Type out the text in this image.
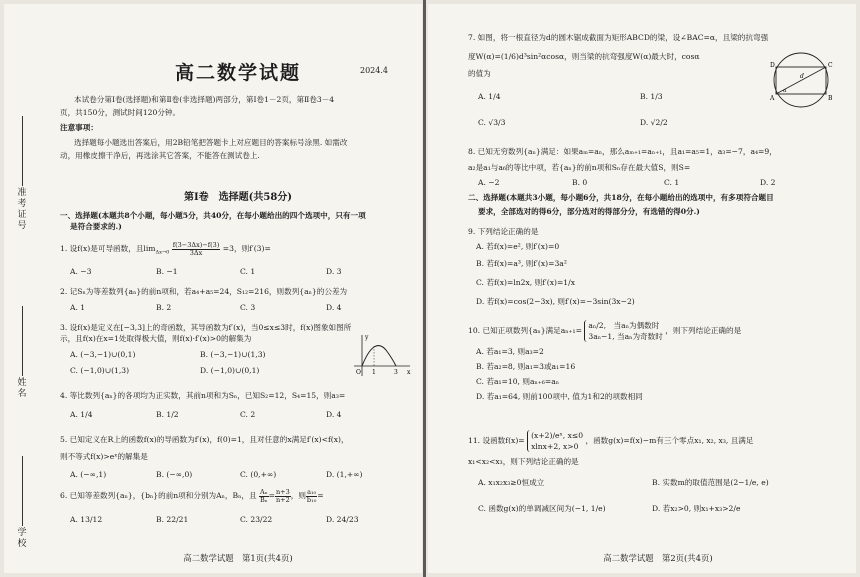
准考证号
姓名
学校
高二数学试题	2024.4

本试卷分第Ⅰ卷(选择题)和第Ⅱ卷(非选择题)两部分，第Ⅰ卷1－2页，第Ⅱ卷3－4

页，共150分，测试时间120分钟。

注意事项：

选择题每小题选出答案后，用2B铅笔把答题卡上对应题目的答案标号涂黑. 如需改

动，用橡皮擦干净后，再选涂其它答案，不能答在测试卷上.

第Ⅰ卷　选择题(共58分)

一、选择题(本题共8个小题，每小题5分，共40分，在每小题给出的四个选项中，只有一项

是符合要求的.)

1. 设f(x)是可导函数，且$\lim_{\Delta x\to 0} \frac{f(3-3\Delta x)-f(3)}{3\Delta x} =3$，则f′(3)=

A. −3	B. −1	C. 1	D. 3

2. 记Sₙ为等差数列{aₙ}的前n项和，若a₄+a₅=24，S₁₂=216，则数列{aₙ}的公差为

A. 1	B. 2	C. 3	D. 4

3. 设f(x)是定义在[−3,3]上的奇函数，其导函数为f′(x)，当0≤x≤3时，f(x)图象如图所

示，且f(x)在x=1处取得极大值，则f(x)·f′(x)>0的解集为

A. (−3,−1)∪(0,1)	B. (−3,−1)∪(1,3)
C. (−1,0)∪(1,3)	D. (−1,0)∪(0,1)
y
O 1	3 x

4. 等比数列{aₙ}的各项均为正实数，其前n项和为Sₙ，已知S₂=12，S₄=15，则a₃=

A. 1/4	B. 1/2	C. 2	D. 4

5. 已知定义在R上的函数f(x)的导函数为f′(x)，f(0)=1，且对任意的x满足f′(x)<f(x)，

则不等式f(x)>eˣ的解集是

A. (−∞,1)	B. (−∞,0)	C. (0,+∞)	D. (1,+∞)

6. 已知等差数列{aₙ}，{bₙ}的前n项和分别为Aₙ，Bₙ，且 $\frac{\text{Aₙ}}{\text{Bₙ}} = \frac{n+3}{n+2}$ ，则 $\frac{\text{a₁₀}}{\text{b₁₀}}$ =

A. 13/12	B. 22/21	C. 23/22	D. 24/23
高二数学试题　第1页(共4页)

7. 如图，将一根直径为d的圆木锯成截面为矩形ABCD的梁，设∠BAC=α，且梁的抗弯强

度W(α)=(1/6)d³sin²αcosα，则当梁的抗弯强度W(α)最大时，cosα

的值为

A. 1/4	B. 1/3
C. √3/3	D. √2/2
D	C
A	B
d
α

8. 已知无穷数列{aₙ}满足：如果aₘ=aₙ，那么aₘ₊₁=aₙ₊₁，且a₁=a₅=1，a₃=−7，a₄=9，

a₂是a₁与a₆的等比中项，若{aₙ}的前n项和Sₙ存在最大值S，则S=

A. −2	B. 0	C. 1	D. 2

二、选择题(本题共3小题，每小题6分，共18分，在每小题给出的选项中，有多项符合题目

要求，全部选对的得6分，部分选对的得部分分，有选错的得0分.)

9. 下列结论正确的是

A. 若f(x)=e², 则f′(x)=0

B. 若f(x)=a³, 则f′(x)=3a²

C. 若f(x)=ln2x, 则f′(x)=1/x

D. 若f(x)=cos(2−3x), 则f′(x)=−3sin(3x−2)

10. 已知正项数列{aₙ}满足aₙ₊₁=
aₙ/2,　当aₙ为偶数时
3aₙ−1, 当aₙ为奇数时
，则下列结论正确的是

A. 若a₁=3, 则a₃=2

B. 若a₂=8, 则a₁=3或a₁=16

C. 若a₁=10, 则aₙ₊₆=aₙ

D. 若a₁=64, 则前100项中, 值为1和2的项数相同

11. 设函数f(x)=
(x+2)/eˣ, x≤0
xlnx+2, x>0
，函数g(x)=f(x)−m有三个零点x₁, x₂, x₃, 且满足

x₁<x₂<x₃，则下列结论正确的是

A. x₁x₂x₃≥0恒成立	B. 实数m的取值范围是(2−1/e, e)
C. 函数g(x)的单调减区间为(−1, 1/e)	D. 若x₂>0, 则x₁+x₃>2/e
高二数学试题　第2页(共4页)
